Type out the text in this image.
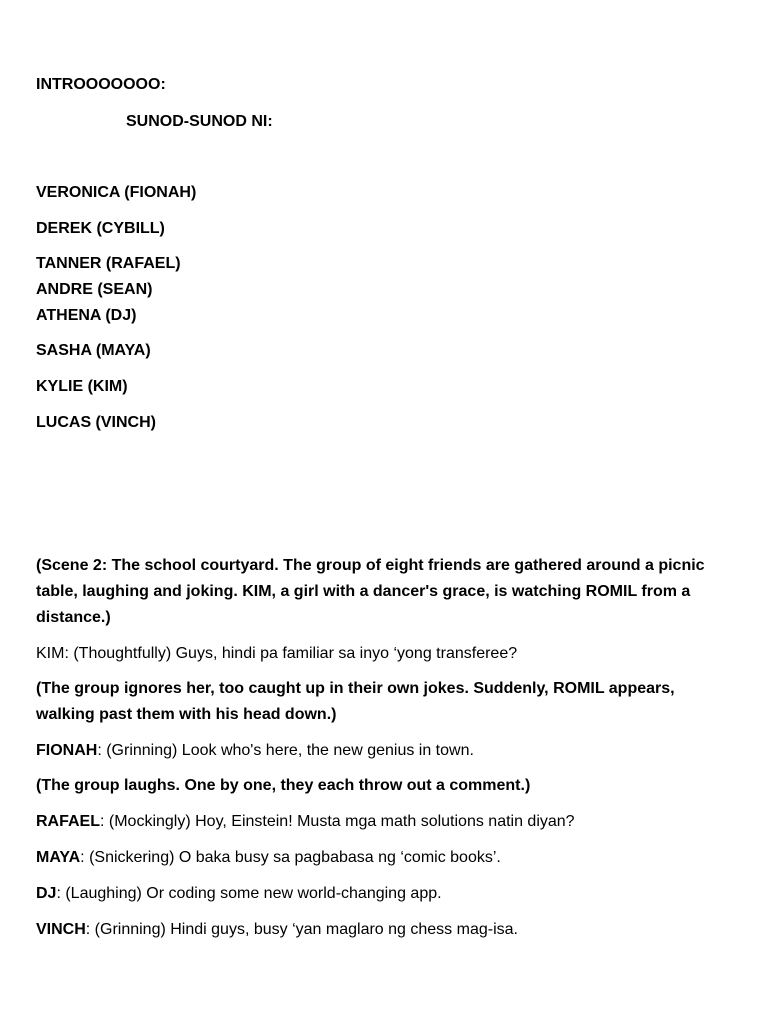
INTROOOOOOO:
SUNOD-SUNOD NI:
VERONICA (FIONAH)
DEREK (CYBILL)
TANNER (RAFAEL)
ANDRE (SEAN)
ATHENA (DJ)
SASHA (MAYA)
KYLIE (KIM)
LUCAS (VINCH)
(Scene 2: The school courtyard. The group of eight friends are gathered around a picnic table, laughing and joking. KIM, a girl with a dancer's grace, is watching ROMIL from a distance.)
KIM: (Thoughtfully) Guys, hindi pa familiar sa inyo ‘yong transferee?
(The group ignores her, too caught up in their own jokes. Suddenly, ROMIL appears, walking past them with his head down.)
FIONAH: (Grinning) Look who's here, the new genius in town.
(The group laughs. One by one, they each throw out a comment.)
RAFAEL: (Mockingly) Hoy, Einstein! Musta mga math solutions natin diyan?
MAYA: (Snickering) O baka busy sa pagbabasa ng ‘comic books’.
DJ: (Laughing) Or coding some new world-changing app.
VINCH: (Grinning) Hindi guys, busy ‘yan maglaro ng chess mag-isa.
